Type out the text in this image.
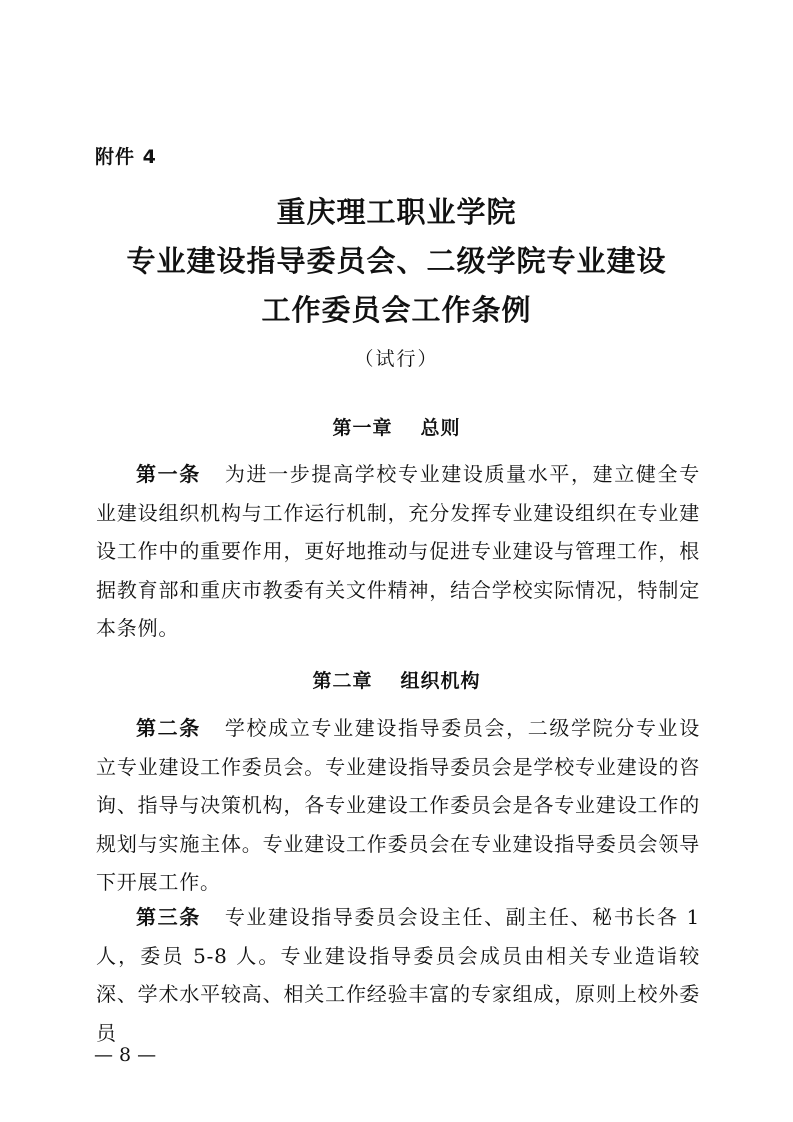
附件 4
重庆理工职业学院
专业建设指导委员会、二级学院专业建设
工作委员会工作条例
（试行）
第一章 总则
第一条 为进一步提高学校专业建设质量水平，建立健全专业建设组织机构与工作运行机制，充分发挥专业建设组织在专业建设工作中的重要作用，更好地推动与促进专业建设与管理工作，根据教育部和重庆市教委有关文件精神，结合学校实际情况，特制定本条例。
第二章 组织机构
第二条 学校成立专业建设指导委员会，二级学院分专业设立专业建设工作委员会。专业建设指导委员会是学校专业建设的咨询、指导与决策机构，各专业建设工作委员会是各专业建设工作的规划与实施主体。专业建设工作委员会在专业建设指导委员会领导下开展工作。
第三条 专业建设指导委员会设主任、副主任、秘书长各 1 人，委员 5-8 人。专业建设指导委员会成员由相关专业造诣较深、学术水平较高、相关工作经验丰富的专家组成，原则上校外委员
— 8 —
